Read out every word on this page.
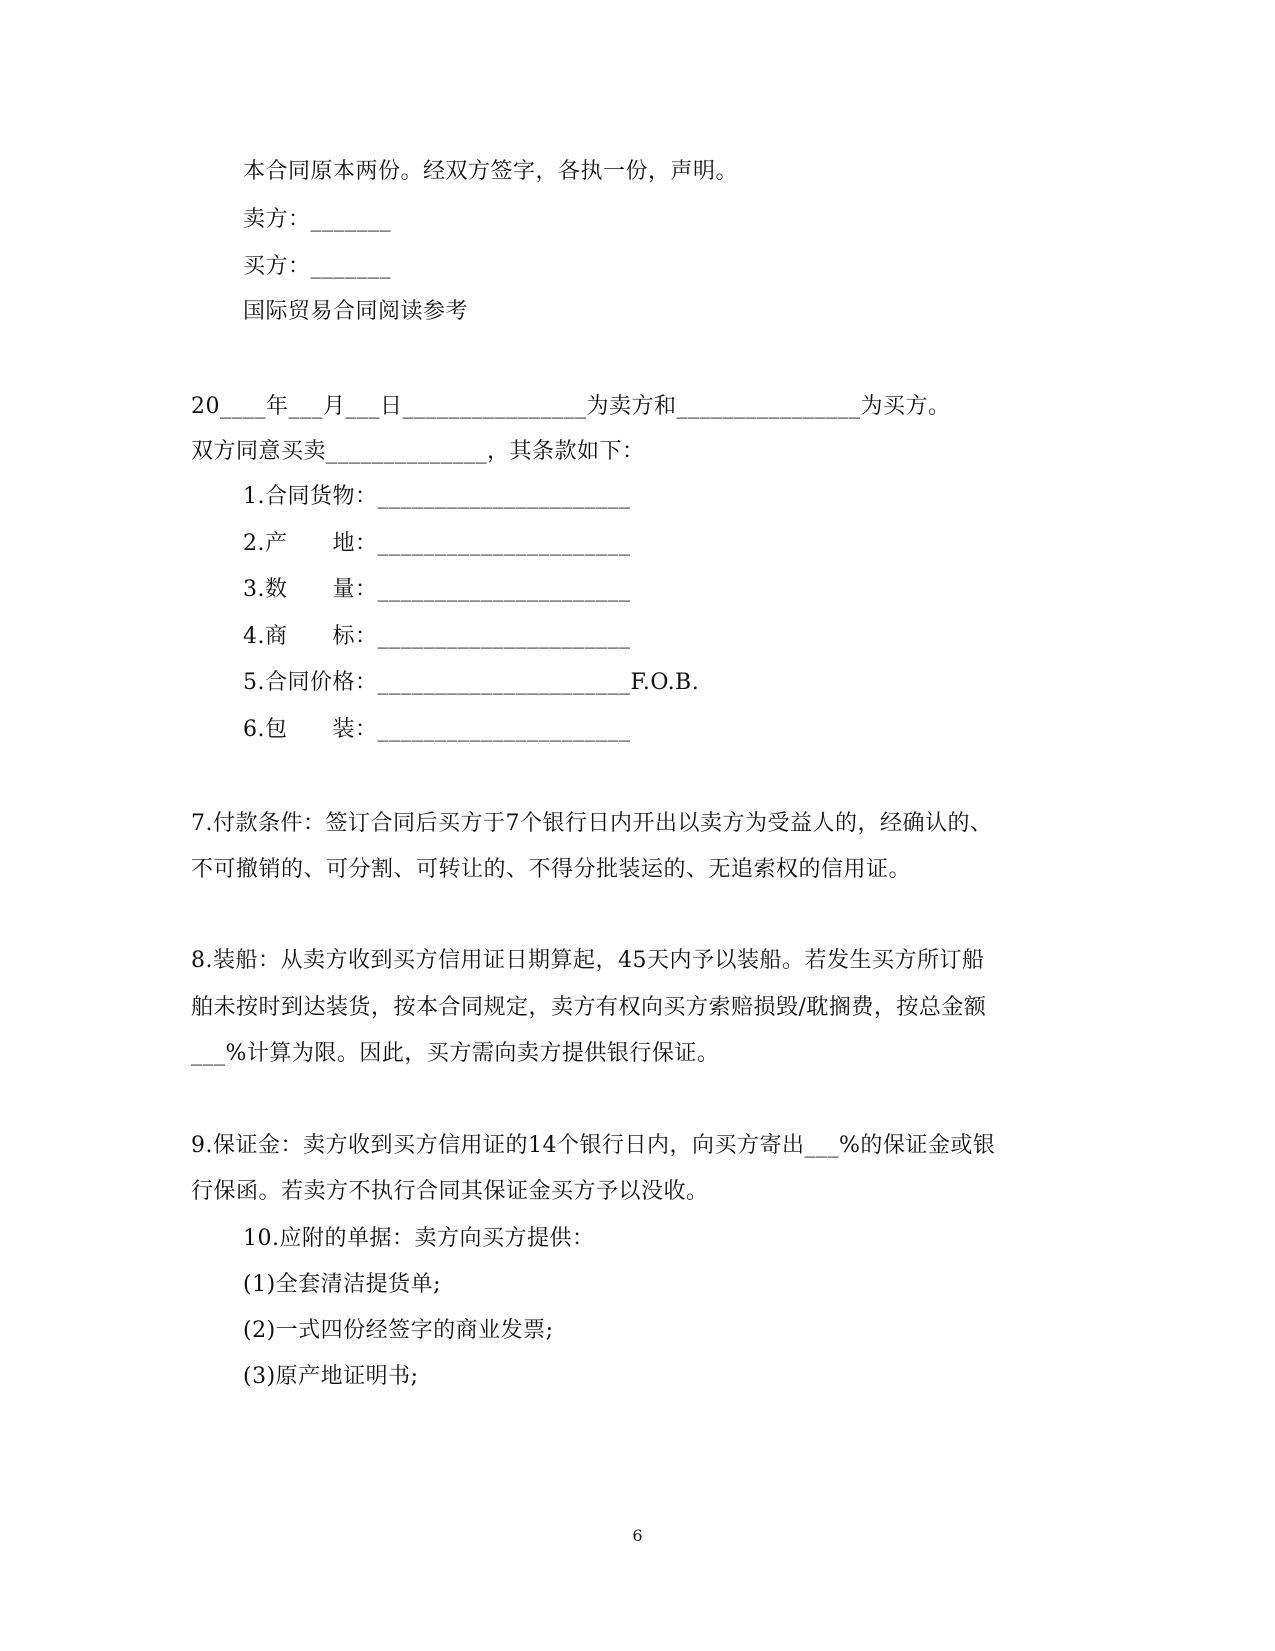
本合同原本两份。经双方签字，各执一份，声明。
卖方：_______
买方：_______
国际贸易合同阅读参考
20____年___月___日________________为卖方和________________为买方。
双方同意买卖______________，其条款如下：
1.合同货物：______________________
2.产　　地：______________________
3.数　　量：______________________
4.商　　标：______________________
5.合同价格：______________________F.O.B.
6.包　　装：______________________
7.付款条件：签订合同后买方于7个银行日内开出以卖方为受益人的，经确认的、
不可撤销的、可分割、可转让的、不得分批装运的、无追索权的信用证。
8.装船：从卖方收到买方信用证日期算起，45天内予以装船。若发生买方所订船
舶未按时到达装货，按本合同规定，卖方有权向买方索赔损毁/耽搁费，按总金额
___%计算为限。因此，买方需向卖方提供银行保证。
9.保证金：卖方收到买方信用证的14个银行日内，向买方寄出___%的保证金或银
行保函。若卖方不执行合同其保证金买方予以没收。
10.应附的单据：卖方向买方提供：
(1)全套清洁提货单;
(2)一式四份经签字的商业发票;
(3)原产地证明书;
6
